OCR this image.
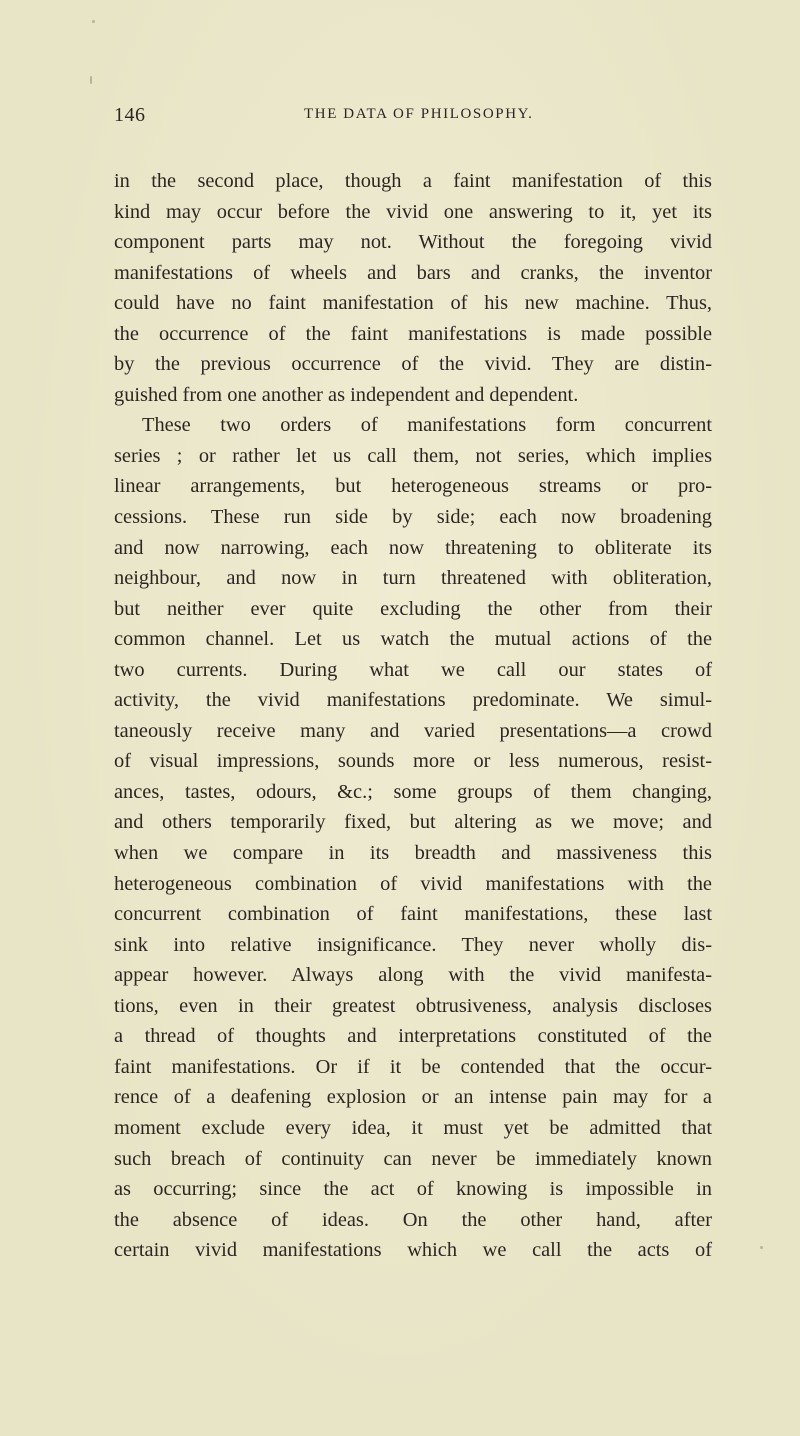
146	THE DATA OF PHILOSOPHY.
in the second place, though a faint manifestation of this
kind may occur before the vivid one answering to it, yet its
component parts may not. Without the foregoing vivid
manifestations of wheels and bars and cranks, the inventor
could have no faint manifestation of his new machine. Thus,
the occurrence of the faint manifestations is made possible
by the previous occurrence of the vivid. They are distin-
guished from one another as independent and dependent.
These two orders of manifestations form concurrent
series ; or rather let us call them, not series, which implies
linear arrangements, but heterogeneous streams or pro-
cessions. These run side by side; each now broadening
and now narrowing, each now threatening to obliterate its
neighbour, and now in turn threatened with obliteration,
but neither ever quite excluding the other from their
common channel. Let us watch the mutual actions of the
two currents. During what we call our states of
activity, the vivid manifestations predominate. We simul-
taneously receive many and varied presentations—a crowd
of visual impressions, sounds more or less numerous, resist-
ances, tastes, odours, &c.; some groups of them changing,
and others temporarily fixed, but altering as we move; and
when we compare in its breadth and massiveness this
heterogeneous combination of vivid manifestations with the
concurrent combination of faint manifestations, these last
sink into relative insignificance. They never wholly dis-
appear however. Always along with the vivid manifesta-
tions, even in their greatest obtrusiveness, analysis discloses
a thread of thoughts and interpretations constituted of the
faint manifestations. Or if it be contended that the occur-
rence of a deafening explosion or an intense pain may for a
moment exclude every idea, it must yet be admitted that
such breach of continuity can never be immediately known
as occurring; since the act of knowing is impossible in
the absence of ideas. On the other hand, after
certain vivid manifestations which we call the acts of
